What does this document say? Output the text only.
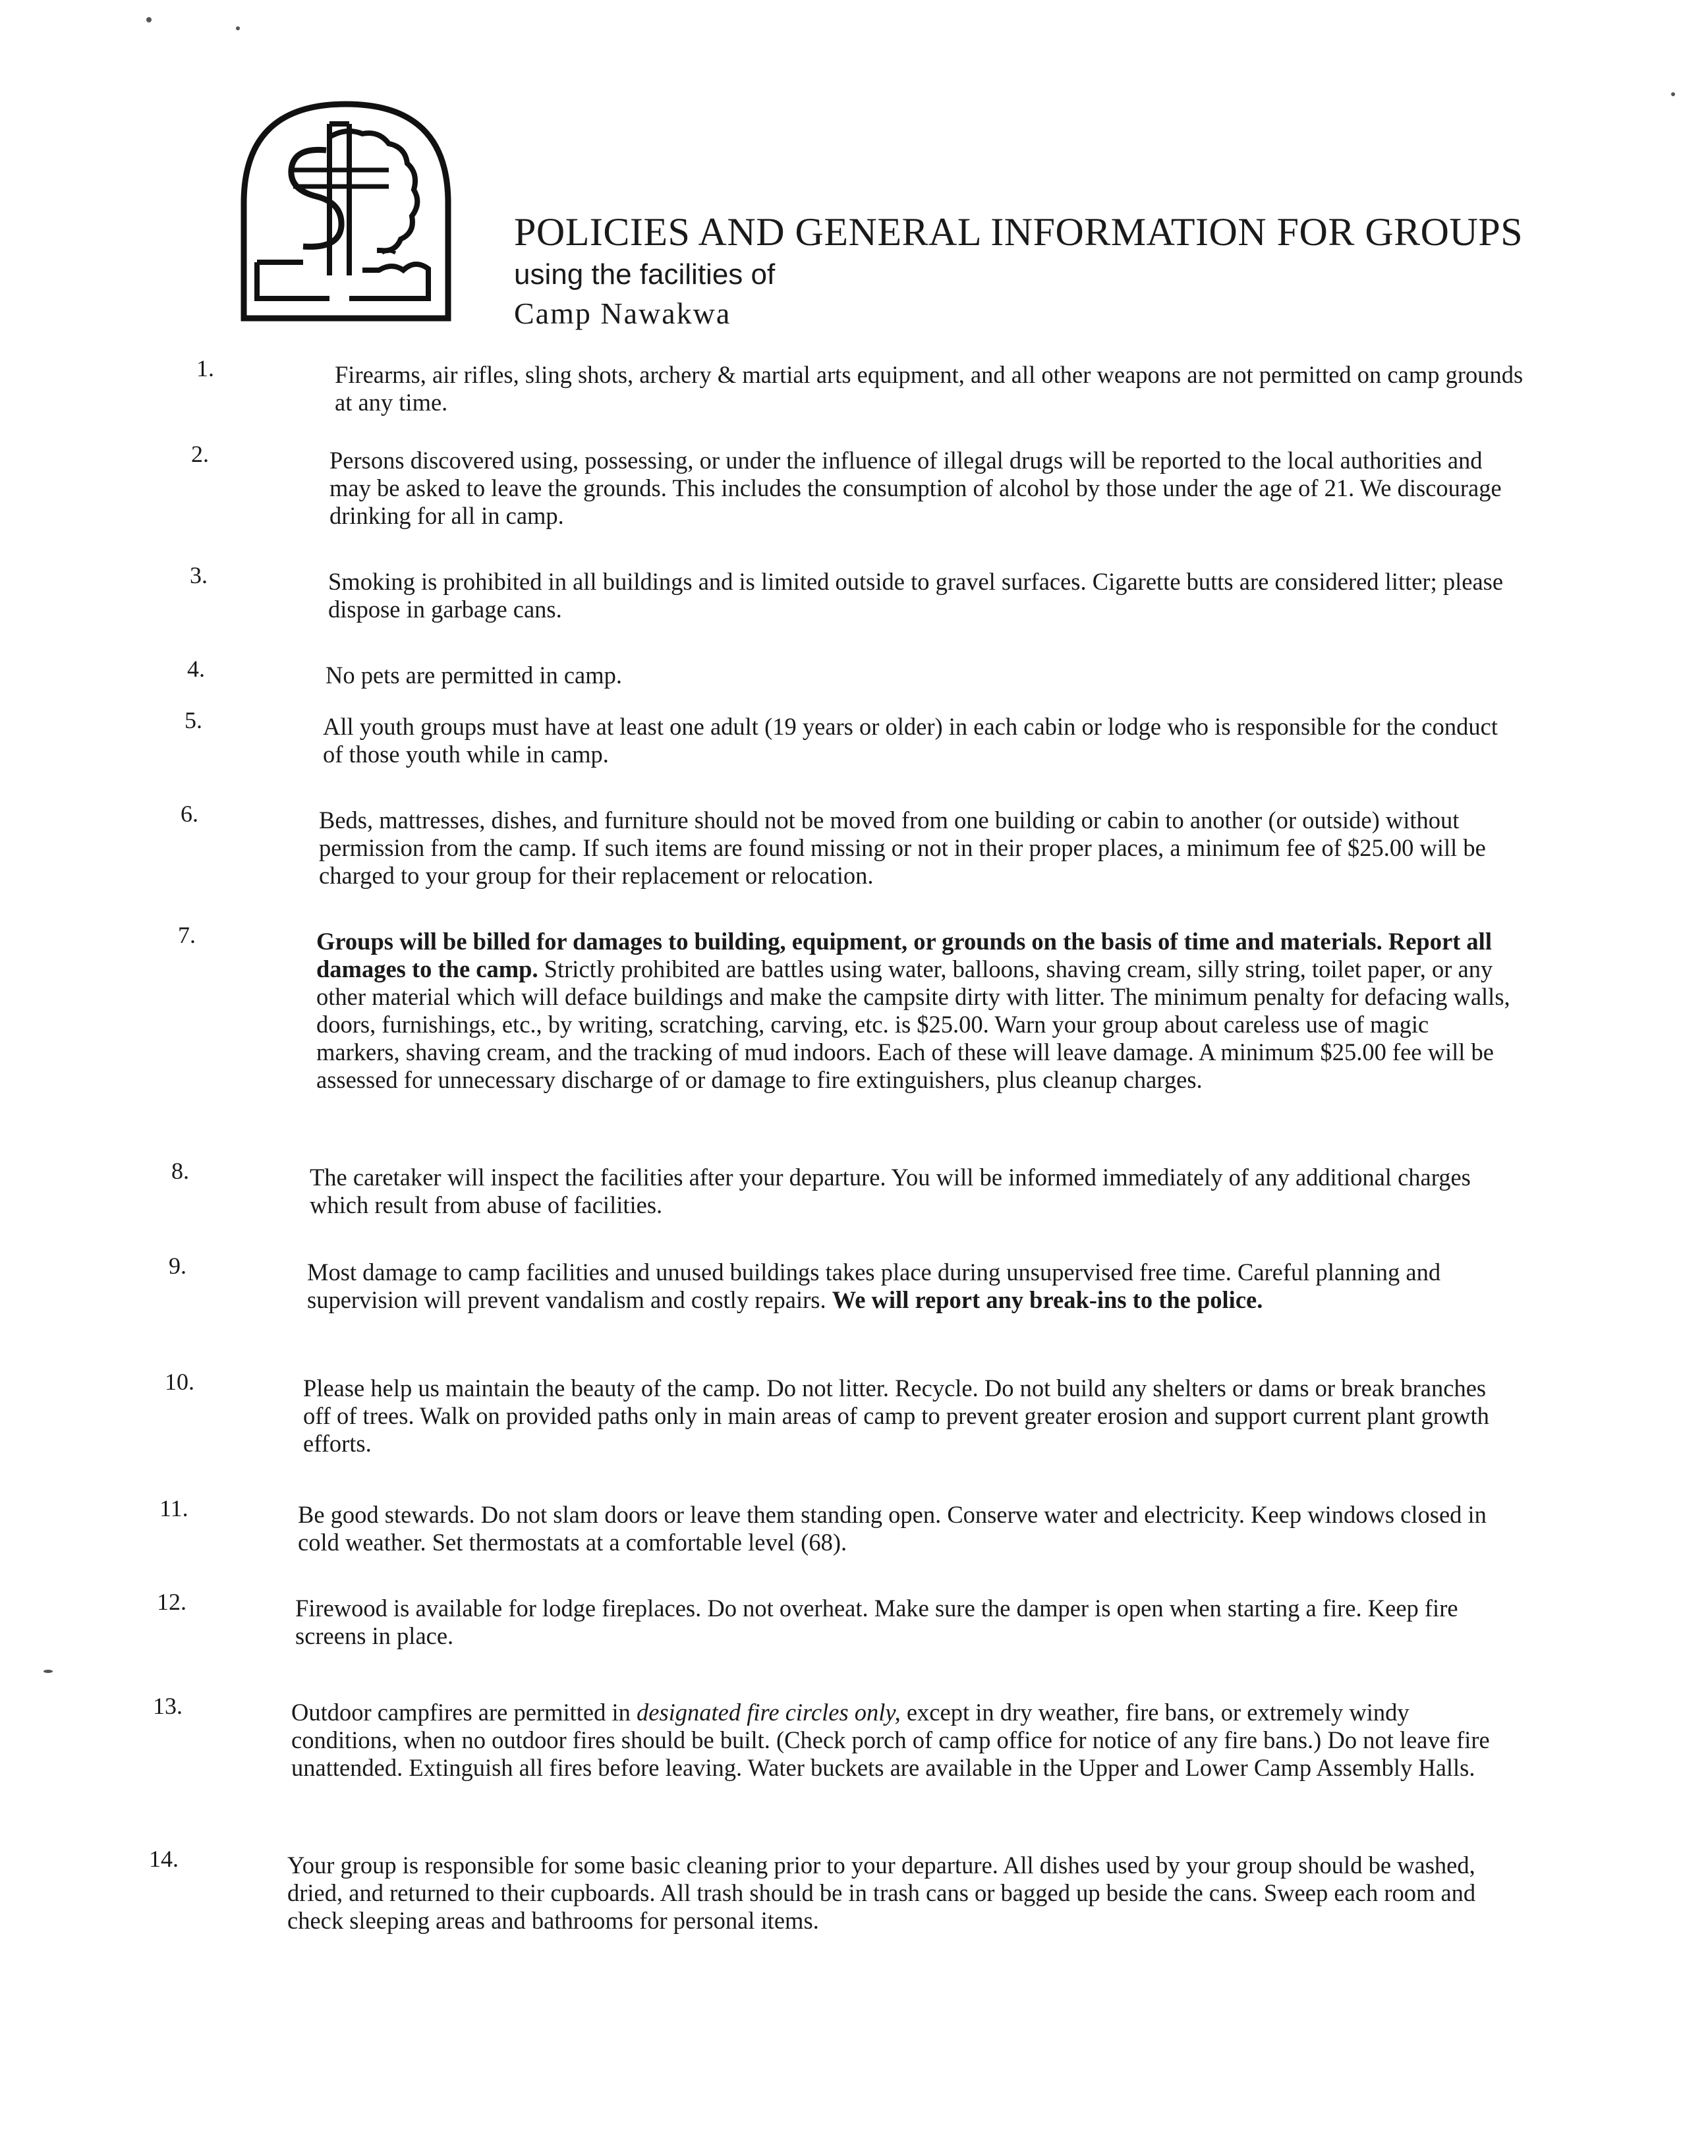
POLICIES AND GENERAL INFORMATION FOR GROUPS
using the facilities of
Camp Nawakwa
1.	Firearms, air rifles, sling shots, archery & martial arts equipment, and all other weapons are not permitted on camp grounds at any time.
2.	Persons discovered using, possessing, or under the influence of illegal drugs will be reported to the local authorities and may be asked to leave the grounds. This includes the consumption of alcohol by those under the age of 21. We discourage drinking for all in camp.
3.	Smoking is prohibited in all buildings and is limited outside to gravel surfaces. Cigarette butts are considered litter; please dispose in garbage cans.
4.	No pets are permitted in camp.
5.	All youth groups must have at least one adult (19 years or older) in each cabin or lodge who is responsible for the conduct of those youth while in camp.
6.	Beds, mattresses, dishes, and furniture should not be moved from one building or cabin to another (or outside) without permission from the camp. If such items are found missing or not in their proper places, a minimum fee of $25.00 will be charged to your group for their replacement or relocation.
7.	Groups will be billed for damages to building, equipment, or grounds on the basis of time and materials. Report all damages to the camp. Strictly prohibited are battles using water, balloons, shaving cream, silly string, toilet paper, or any other material which will deface buildings and make the campsite dirty with litter. The minimum penalty for defacing walls, doors, furnishings, etc., by writing, scratching, carving, etc. is $25.00. Warn your group about careless use of magic markers, shaving cream, and the tracking of mud indoors. Each of these will leave damage. A minimum $25.00 fee will be assessed for unnecessary discharge of or damage to fire extinguishers, plus cleanup charges.
8.	The caretaker will inspect the facilities after your departure. You will be informed immediately of any additional charges which result from abuse of facilities.
9.	Most damage to camp facilities and unused buildings takes place during unsupervised free time. Careful planning and supervision will prevent vandalism and costly repairs. We will report any break-ins to the police.
10.	Please help us maintain the beauty of the camp. Do not litter. Recycle. Do not build any shelters or dams or break branches off of trees. Walk on provided paths only in main areas of camp to prevent greater erosion and support current plant growth efforts.
11.	Be good stewards. Do not slam doors or leave them standing open. Conserve water and electricity. Keep windows closed in cold weather. Set thermostats at a comfortable level (68).
12.	Firewood is available for lodge fireplaces. Do not overheat. Make sure the damper is open when starting a fire. Keep fire screens in place.
13.	Outdoor campfires are permitted in designated fire circles only, except in dry weather, fire bans, or extremely windy conditions, when no outdoor fires should be built. (Check porch of camp office for notice of any fire bans.) Do not leave fire unattended. Extinguish all fires before leaving. Water buckets are available in the Upper and Lower Camp Assembly Halls.
14.	Your group is responsible for some basic cleaning prior to your departure. All dishes used by your group should be washed, dried, and returned to their cupboards. All trash should be in trash cans or bagged up beside the cans. Sweep each room and check sleeping areas and bathrooms for personal items.
